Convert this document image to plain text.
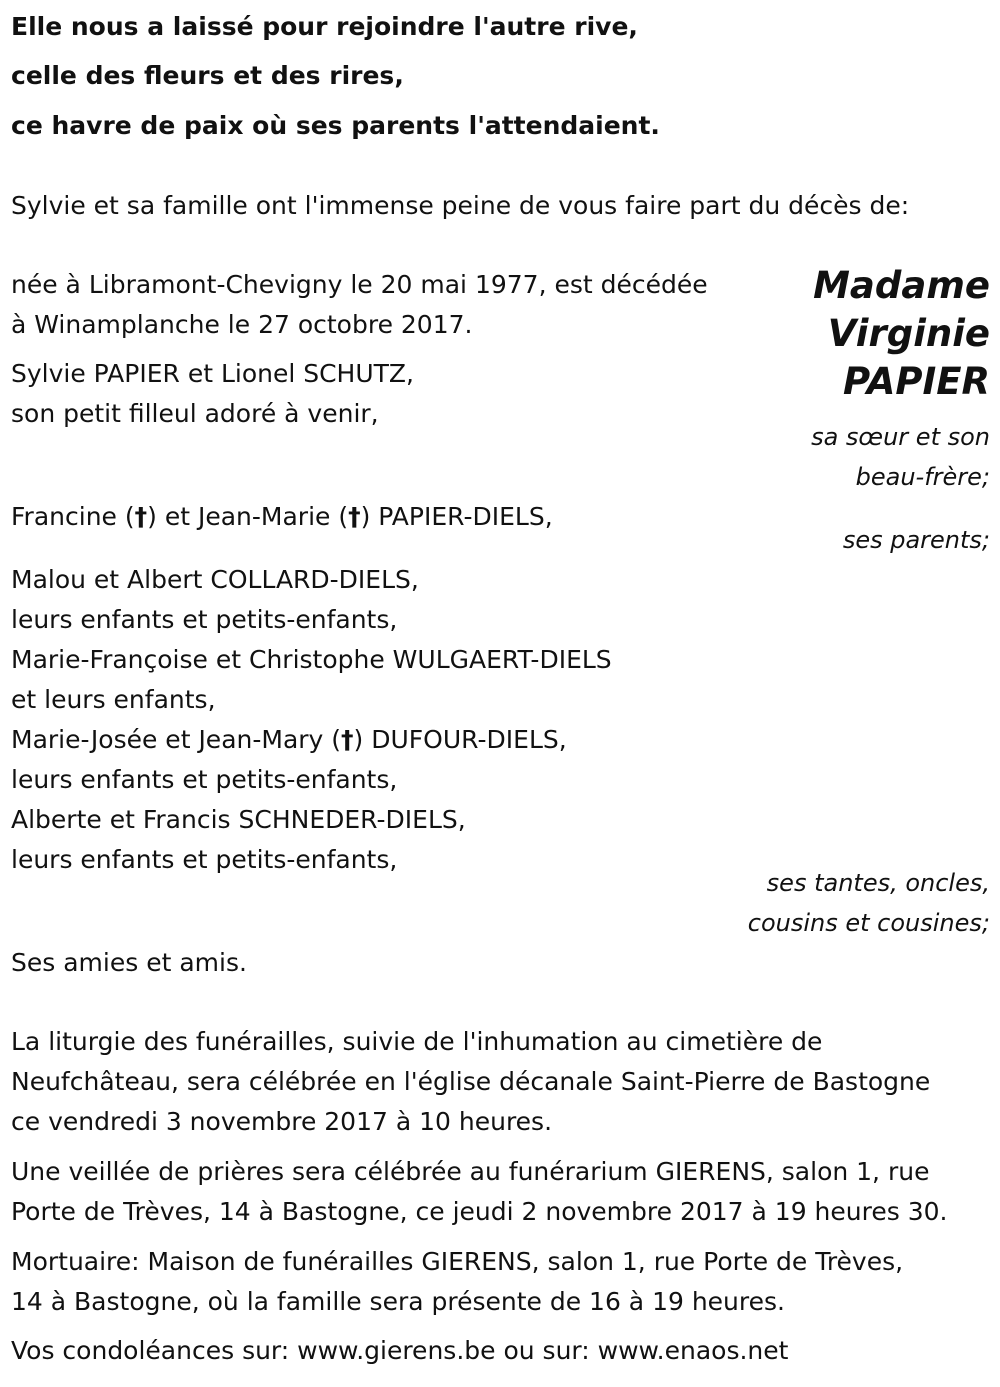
Elle nous a laissé pour rejoindre l'autre rive,
celle des fleurs et des rires,
ce havre de paix où ses parents l'attendaient.
Sylvie et sa famille ont l'immense peine de vous faire part du décès de:
Madame
Virginie
PAPIER
née à Libramont-Chevigny le 20 mai 1977, est décédée
à Winamplanche le 27 octobre 2017.
Sylvie PAPIER et Lionel SCHUTZ,
son petit filleul adoré à venir,
sa sœur et son
beau-frère;
Francine (†) et Jean-Marie (†) PAPIER-DIELS,
ses parents;
Malou et Albert COLLARD-DIELS,
leurs enfants et petits-enfants,
Marie-Françoise et Christophe WULGAERT-DIELS
et leurs enfants,
Marie-Josée et Jean-Mary (†) DUFOUR-DIELS,
leurs enfants et petits-enfants,
Alberte et Francis SCHNEDER-DIELS,
leurs enfants et petits-enfants,
ses tantes, oncles,
cousins et cousines;
Ses amies et amis.
La liturgie des funérailles, suivie de l'inhumation au cimetière de
Neufchâteau, sera célébrée en l'église décanale Saint-Pierre de Bastogne
ce vendredi 3 novembre 2017 à 10 heures.
Une veillée de prières sera célébrée au funérarium GIERENS, salon 1, rue
Porte de Trèves, 14 à Bastogne, ce jeudi 2 novembre 2017 à 19 heures 30.
Mortuaire: Maison de funérailles GIERENS, salon 1, rue Porte de Trèves,
14 à Bastogne, où la famille sera présente de 16 à 19 heures.
Vos condoléances sur: www.gierens.be ou sur: www.enaos.net
